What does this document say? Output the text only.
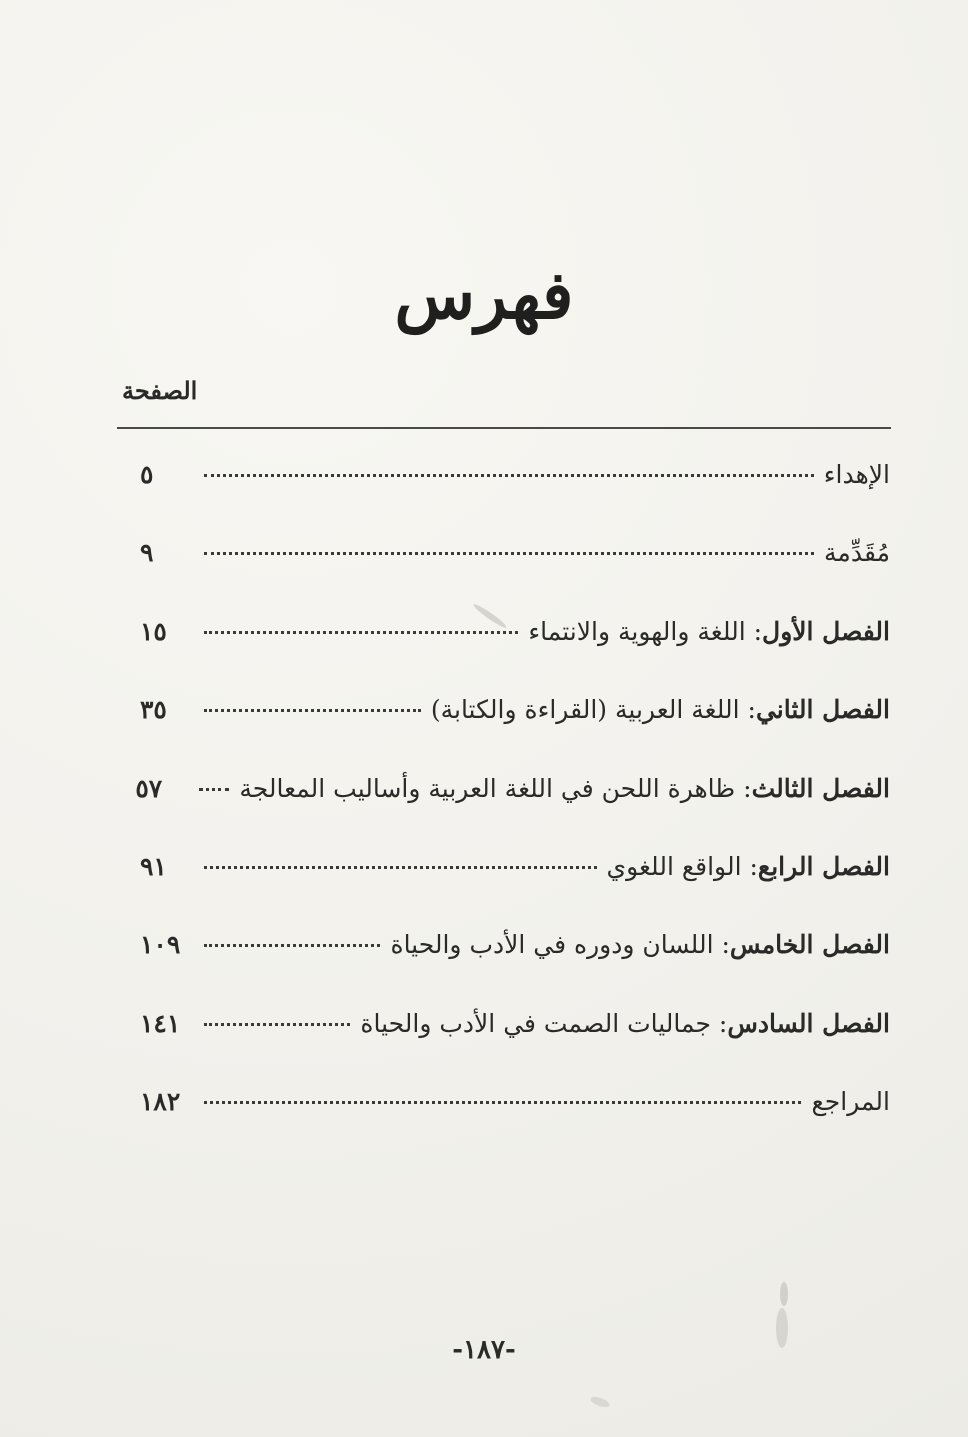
فهرس
الصفحة
الإهداء
٥
مُقَدِّمة
٩
الفصل الأول: اللغة والهوية والانتماء
١٥
الفصل الثاني: اللغة العربية (القراءة والكتابة)
٣٥
الفصل الثالث: ظاهرة اللحن في اللغة العربية وأساليب المعالجة
٥٧
الفصل الرابع: الواقع اللغوي
٩١
الفصل الخامس: اللسان ودوره في الأدب والحياة
١٠٩
الفصل السادس: جماليات الصمت في الأدب والحياة
١٤١
المراجع
١٨٢
-١٨٧-
